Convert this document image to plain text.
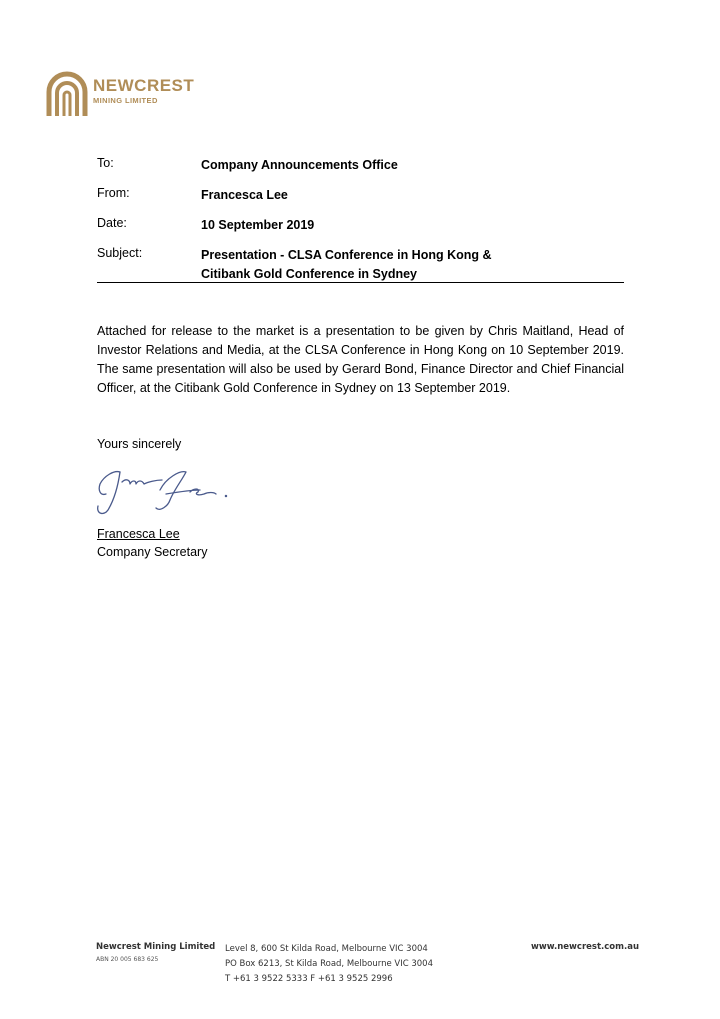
NEWCREST
MINING LIMITED
To:	Company Announcements Office
From:	Francesca Lee
Date:	10 September 2019
Subject:	Presentation - CLSA Conference in Hong Kong &
Citibank Gold Conference in Sydney

Attached for release to the market is a presentation to be given by Chris Maitland, Head of Investor Relations and Media, at the CLSA Conference in Hong Kong on 10 September 2019. The same presentation will also be used by Gerard Bond, Finance Director and Chief Financial Officer, at the Citibank Gold Conference in Sydney on 13 September 2019.

Yours sincerely
Francesca Lee
Company Secretary
Newcrest Mining Limited
ABN 20 005 683 625
Level 8, 600 St Kilda Road, Melbourne VIC 3004
PO Box 6213, St Kilda Road, Melbourne VIC 3004
T +61 3 9522 5333 F +61 3 9525 2996
www.newcrest.com.au
